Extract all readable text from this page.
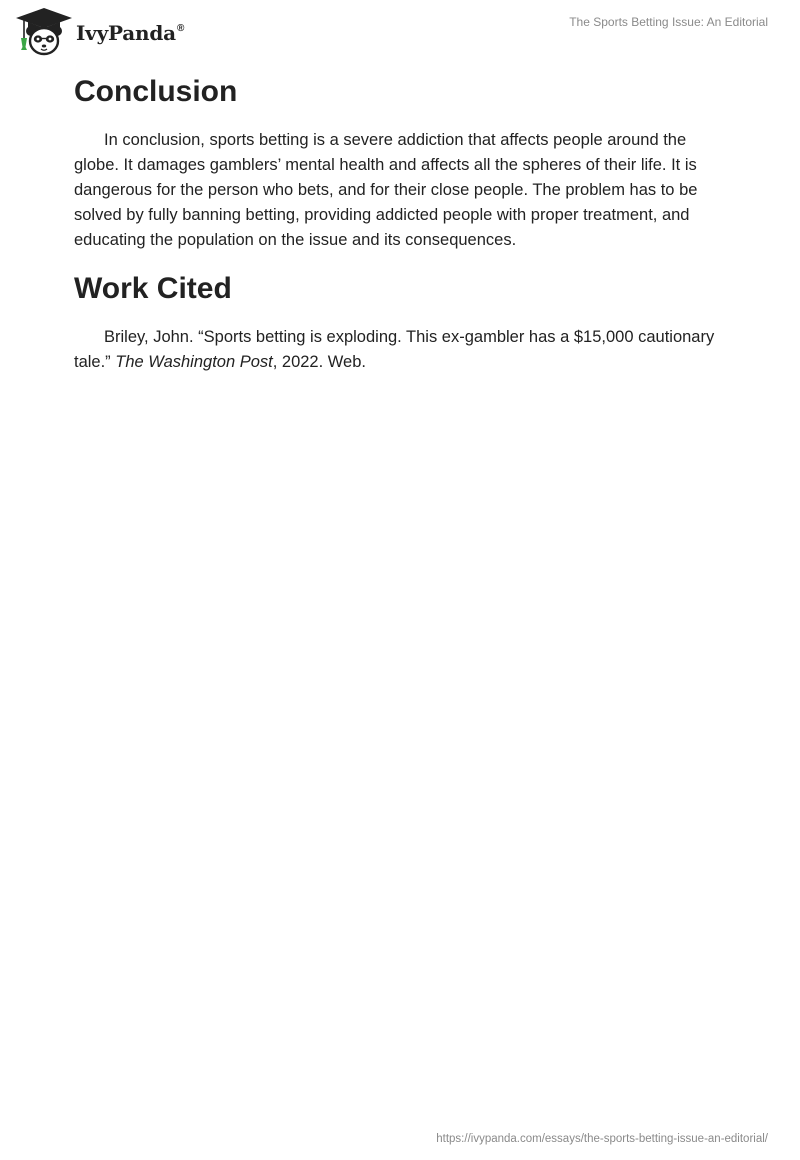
IvyPanda®	The Sports Betting Issue: An Editorial
Conclusion

In conclusion, sports betting is a severe addiction that affects people around the globe. It damages gamblers’ mental health and affects all the spheres of their life. It is dangerous for the person who bets, and for their close people. The problem has to be solved by fully banning betting, providing addicted people with proper treatment, and educating the population on the issue and its consequences.

Work Cited

Briley, John. “Sports betting is exploding. This ex-gambler has a $15,000 cautionary tale.” The Washington Post, 2022. Web.

https://ivypanda.com/essays/the-sports-betting-issue-an-editorial/
